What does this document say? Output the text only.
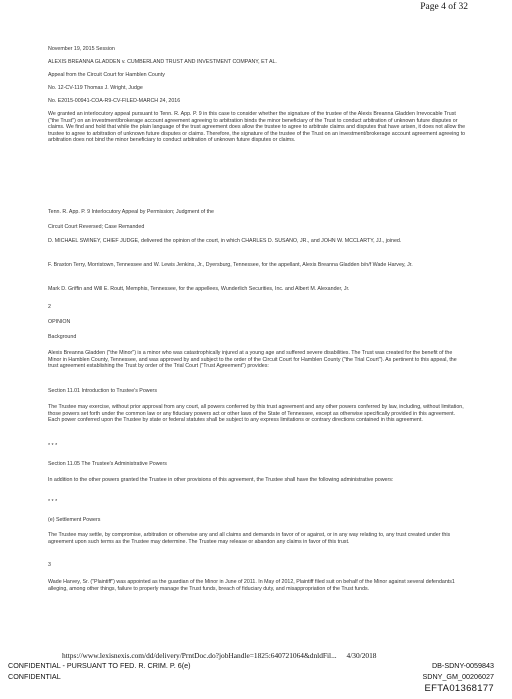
Page 4 of 32

November 19, 2015 Session

ALEXIS BREANNA GLADDEN v. CUMBERLAND TRUST AND INVESTMENT COMPANY, ET AL.

Appeal from the Circuit Court for Hamblen County

No. 12-CV-119 Thomas J. Wright, Judge

No. E2015-00941-COA-R9-CV-FILED-MARCH 24, 2016

We granted an interlocutory appeal pursuant to Tenn. R. App. P. 9 in this case to consider whether the signature of the trustee of the Alexis Breanna Gladden Irrevocable Trust ("the Trust") on an investment/brokerage account agreement agreeing to arbitration binds the minor beneficiary of the Trust to conduct arbitration of unknown future disputes or claims. We find and hold that while the plain language of the trust agreement does allow the trustee to agree to arbitrate claims and disputes that have arisen, it does not allow the trustee to agree to arbitration of unknown future disputes or claims. Therefore, the signature of the trustee of the Trust on an investment/brokerage account agreement agreeing to arbitration does not bind the minor beneficiary to conduct arbitration of unknown future disputes or claims.

Tenn. R. App. P. 9 Interlocutory Appeal by Permission; Judgment of the

Circuit Court Reversed; Case Remanded

D. MICHAEL SWINEY, CHIEF JUDGE, delivered the opinion of the court, in which CHARLES D. SUSANO, JR., and JOHN W. MCCLARTY, JJ., joined.

F. Braxton Terry, Morristown, Tennessee and W. Lewis Jenkins, Jr., Dyersburg, Tennessee, for the appellant, Alexis Breanna Gladden b/n/f Wade Harvey, Jr.

Mark D. Griffin and Will E. Routt, Memphis, Tennessee, for the appellees, Wunderlich Securities, Inc. and Albert M. Alexander, Jr.

2

OPINION

Background

Alexis Breanna Gladden ("the Minor") is a minor who was catastrophically injured at a young age and suffered severe disabilities. The Trust was created for the benefit of the Minor in Hamblen County, Tennessee, and was approved by and subject to the order of the Circuit Court for Hamblen County ("the Trial Court"). As pertinent to this appeal, the trust agreement establishing the Trust by order of the Trial Court ("Trust Agreement") provides:

Section 11.01 Introduction to Trustee's Powers

The Trustee may exercise, without prior approval from any court, all powers conferred by this trust agreement and any other powers conferred by law, including, without limitation, those powers set forth under the common law or any fiduciary powers act or other laws of the State of Tennessee, except as otherwise specifically provided in this agreement. Each power conferred upon the Trustee by state or federal statutes shall be subject to any express limitations or contrary directions contained in this agreement.

* * *

Section 11.05 The Trustee's Administrative Powers

In addition to the other powers granted the Trustee in other provisions of this agreement, the Trustee shall have the following administrative powers:

* * *

(e) Settlement Powers

The Trustee may settle, by compromise, arbitration or otherwise any and all claims and demands in favor of or against, or in any way relating to, any trust created under this agreement upon such terms as the Trustee may determine. The Trustee may release or abandon any claims in favor of this trust.

3

Wade Harvey, Sr. ("Plaintiff") was appointed as the guardian of the Minor in June of 2011. In May of 2012, Plaintiff filed suit on behalf of the Minor against several defendants1 alleging, among other things, failure to properly manage the Trust funds, breach of fiduciary duty, and misappropriation of the Trust funds.

https://www.lexisnexis.com/dd/delivery/PrntDoc.do?jobHandle=1825:640721064&dnldFil... 4/30/2018
CONFIDENTIAL - PURSUANT TO FED. R. CRIM. P. 6(e)	DB-SDNY-0059843
CONFIDENTIAL	SDNY_GM_00206027
EFTA01368177
